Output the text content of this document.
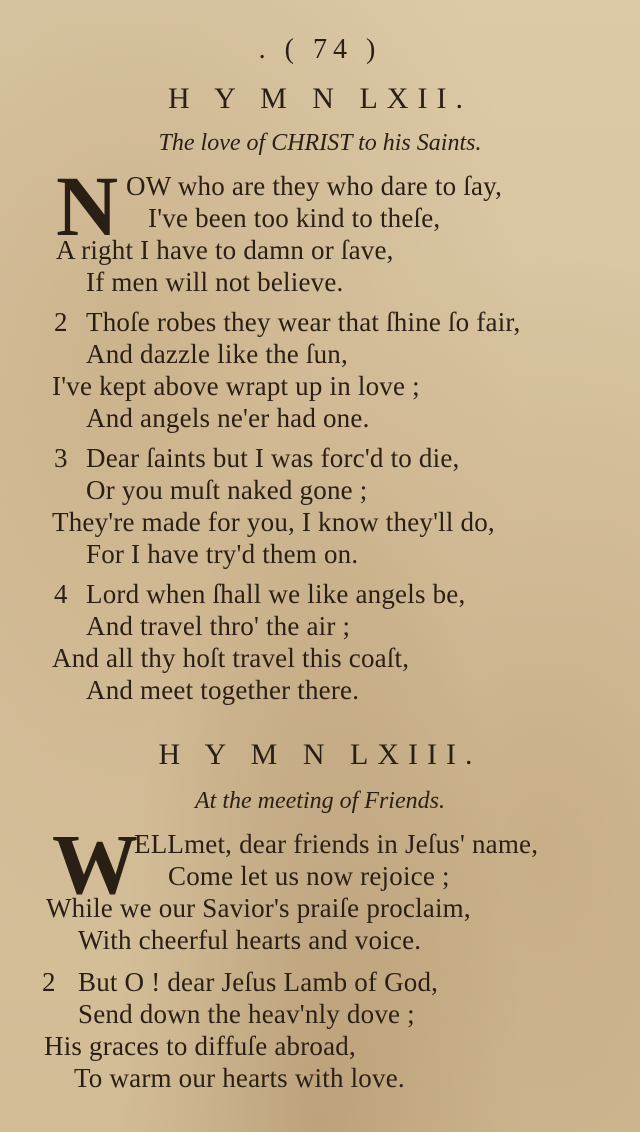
. ( 74 )
H Y M N LXII.
The love of CHRIST to his Saints.
N OW who are they who dare to ſay,
I've been too kind to theſe,
A right I have to damn or ſave,
If men will not believe.
2 Thoſe robes they wear that ſhine ſo fair,
And dazzle like the ſun,
I've kept above wrapt up in love ;
And angels ne'er had one.
3 Dear ſaints but I was forc'd to die,
Or you muſt naked gone ;
They're made for you, I know they'll do,
For I have try'd them on.
4 Lord when ſhall we like angels be,
And travel thro' the air ;
And all thy hoſt travel this coaſt,
And meet together there.
H Y M N LXIII.
At the meeting of Friends.
W
ELLmet, dear friends in Jeſus' name,
Come let us now rejoice ;
While we our Savior's praiſe proclaim,
With cheerful hearts and voice.
2 But O ! dear Jeſus Lamb of God,
Send down the heav'nly dove ;
His graces to diffuſe abroad,
To warm our hearts with love.
